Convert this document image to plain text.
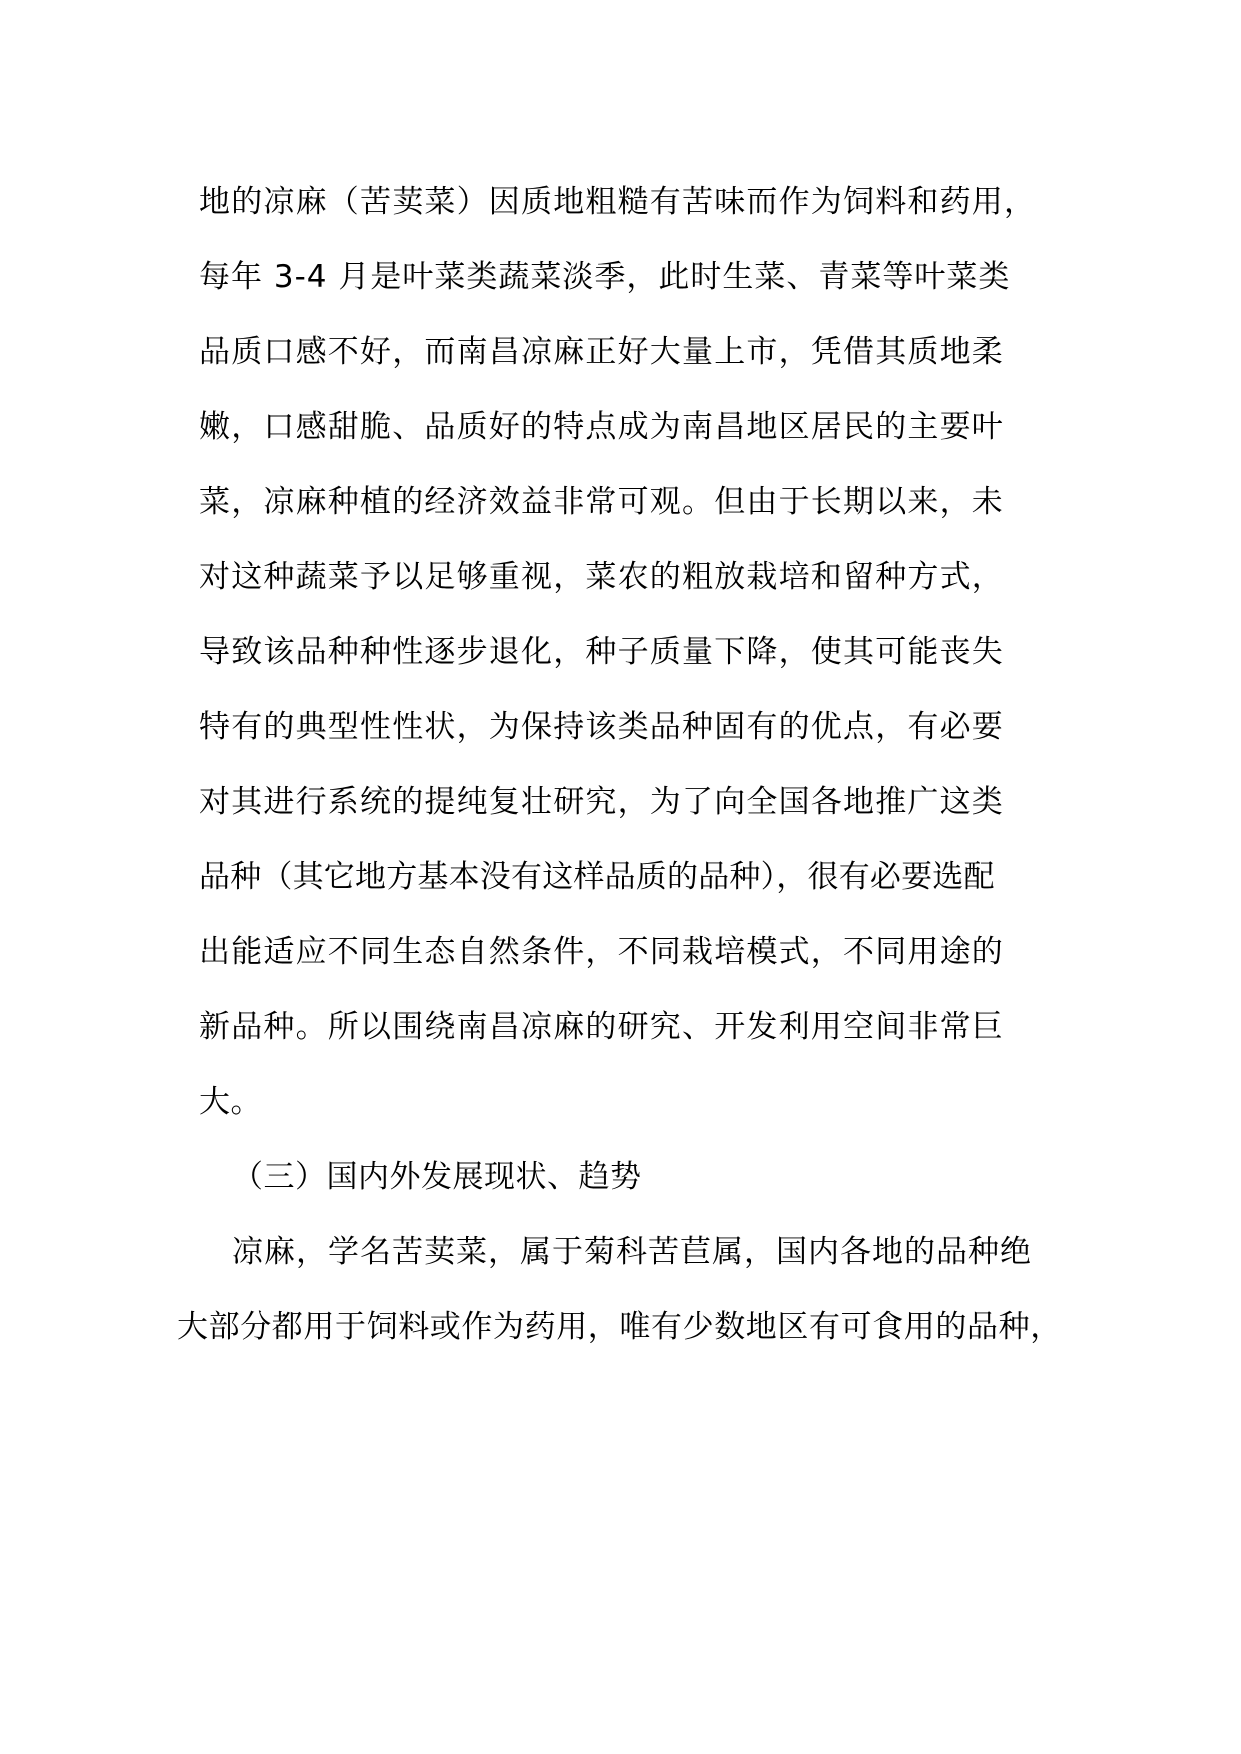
地的凉麻（苦荬菜）因质地粗糙有苦味而作为饲料和药用，
每年 3-4 月是叶菜类蔬菜淡季，此时生菜、青菜等叶菜类
品质口感不好，而南昌凉麻正好大量上市，凭借其质地柔
嫩，口感甜脆、品质好的特点成为南昌地区居民的主要叶
菜，凉麻种植的经济效益非常可观。但由于长期以来，未
对这种蔬菜予以足够重视，菜农的粗放栽培和留种方式，
导致该品种种性逐步退化，种子质量下降，使其可能丧失
特有的典型性性状，为保持该类品种固有的优点，有必要
对其进行系统的提纯复壮研究，为了向全国各地推广这类
品种（其它地方基本没有这样品质的品种），很有必要选配
出能适应不同生态自然条件，不同栽培模式，不同用途的
新品种。所以围绕南昌凉麻的研究、开发利用空间非常巨
大。
（三）国内外发展现状、趋势
凉麻，学名苦荬菜，属于菊科苦苣属，国内各地的品种绝
大部分都用于饲料或作为药用，唯有少数地区有可食用的品种，
